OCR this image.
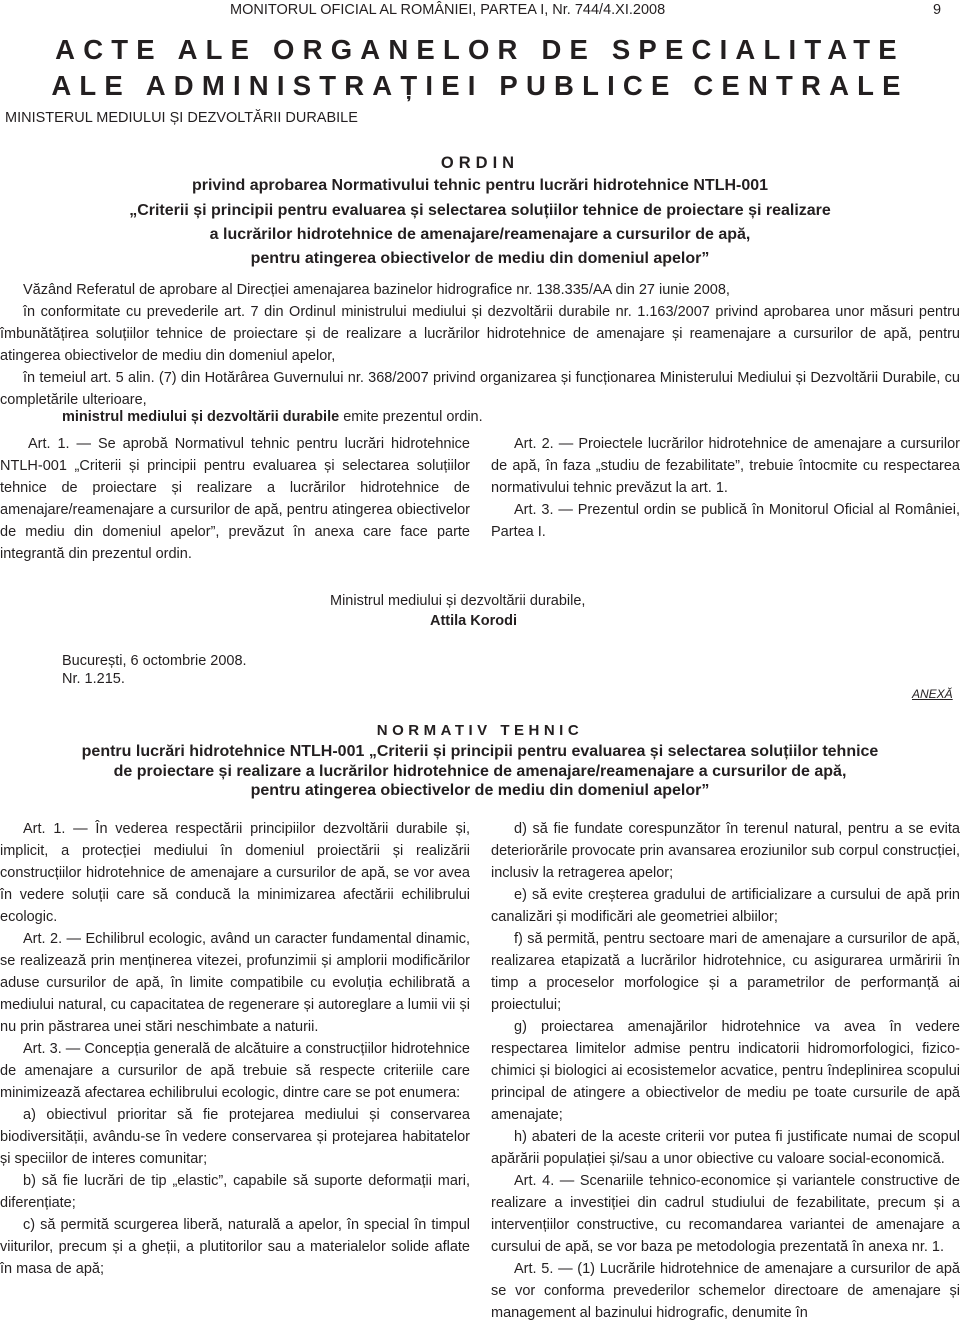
MONITORUL OFICIAL AL ROMÂNIEI, PARTEA I, Nr. 744/4.XI.2008	9
ACTE ALE ORGANELOR DE SPECIALITATE
ALE ADMINISTRAȚIEI PUBLICE CENTRALE
MINISTERUL MEDIULUI ȘI DEZVOLTĂRII DURABILE
ORDIN
privind aprobarea Normativului tehnic pentru lucrări hidrotehnice NTLH-001
„Criterii și principii pentru evaluarea și selectarea soluțiilor tehnice de proiectare și realizare
a lucrărilor hidrotehnice de amenajare/reamenajare a cursurilor de apă,
pentru atingerea obiectivelor de mediu din domeniul apelor”

Văzând Referatul de aprobare al Direcției amenajarea bazinelor hidrografice nr. 138.335/AA din 27 iunie 2008,

în conformitate cu prevederile art. 7 din Ordinul ministrului mediului și dezvoltării durabile nr. 1.163/2007 privind aprobarea unor măsuri pentru îmbunătățirea soluțiilor tehnice de proiectare și de realizare a lucrărilor hidrotehnice de amenajare și reamenajare a cursurilor de apă, pentru atingerea obiectivelor de mediu din domeniul apelor,

în temeiul art. 5 alin. (7) din Hotărârea Guvernului nr. 368/2007 privind organizarea și funcționarea Ministerului Mediului și Dezvoltării Durabile, cu completările ulterioare,

ministrul mediului și dezvoltării durabile emite prezentul ordin.

Art. 1. — Se aprobă Normativul tehnic pentru lucrări hidrotehnice NTLH-001 „Criterii și principii pentru evaluarea și selectarea soluțiilor tehnice de proiectare și realizare a lucrărilor hidrotehnice de amenajare/reamenajare a cursurilor de apă, pentru atingerea obiectivelor de mediu din domeniul apelor”, prevăzut în anexa care face parte integrantă din prezentul ordin.

Art. 2. — Proiectele lucrărilor hidrotehnice de amenajare a cursurilor de apă, în faza „studiu de fezabilitate”, trebuie întocmite cu respectarea normativului tehnic prevăzut la art. 1.

Art. 3. — Prezentul ordin se publică în Monitorul Oficial al României, Partea I.

Ministrul mediului și dezvoltării durabile,
Attila Korodi
București, 6 octombrie 2008.
Nr. 1.215.
ANEXĂ
NORMATIV TEHNIC
pentru lucrări hidrotehnice NTLH-001 „Criterii și principii pentru evaluarea și selectarea soluțiilor tehnice
de proiectare și realizare a lucrărilor hidrotehnice de amenajare/reamenajare a cursurilor de apă,
pentru atingerea obiectivelor de mediu din domeniul apelor”

Art. 1. — În vederea respectării principiilor dezvoltării durabile și, implicit, a protecției mediului în domeniul proiectării și realizării construcțiilor hidrotehnice de amenajare a cursurilor de apă, se vor avea în vedere soluții care să conducă la minimizarea afectării echilibrului ecologic.

Art. 2. — Echilibrul ecologic, având un caracter fundamental dinamic, se realizează prin menținerea vitezei, profunzimii și amplorii modificărilor aduse cursurilor de apă, în limite compatibile cu evoluția echilibrată a mediului natural, cu capacitatea de regenerare și autoreglare a lumii vii și nu prin păstrarea unei stări neschimbate a naturii.

Art. 3. — Concepția generală de alcătuire a construcțiilor hidrotehnice de amenajare a cursurilor de apă trebuie să respecte criteriile care minimizează afectarea echilibrului ecologic, dintre care se pot enumera:

a) obiectivul prioritar să fie protejarea mediului și conservarea biodiversității, avându-se în vedere conservarea și protejarea habitatelor și speciilor de interes comunitar;

b) să fie lucrări de tip „elastic”, capabile să suporte deformații mari, diferențiate;

c) să permită scurgerea liberă, naturală a apelor, în special în timpul viiturilor, precum și a ghețiі, a plutitorilor sau a materialelor solide aflate în masa de apă;

d) să fie fundate corespunzător în terenul natural, pentru a se evita deteriorările provocate prin avansarea eroziunilor sub corpul construcției, inclusiv la retragerea apelor;

e) să evite creșterea gradului de artificializare a cursului de apă prin canalizări și modificări ale geometriei albiilor;

f) să permită, pentru sectoare mari de amenajare a cursurilor de apă, realizarea etapizată a lucrărilor hidrotehnice, cu asigurarea urmăririi în timp a proceselor morfologice și a parametrilor de performanță ai proiectului;

g) proiectarea amenajărilor hidrotehnice va avea în vedere respectarea limitelor admise pentru indicatorii hidromorfologici, fizico-chimici și biologici ai ecosistemelor acvatice, pentru îndeplinirea scopului principal de atingere a obiectivelor de mediu pe toate cursurile de apă amenajate;

h) abaterі de la aceste criterii vor putea fi justificate numai de scopul apărării populației și/sau a unor obiective cu valoare social-economică.

Art. 4. — Scenariile tehnico-economice și variantele constructive de realizare a investiției din cadrul studiului de fezabilitate, precum și a intervențiilor constructive, cu recomandarea variantei de amenajare a cursului de apă, se vor baza pe metodologia prezentată în anexa nr. 1.

Art. 5. — (1) Lucrările hidrotehnice de amenajare a cursurilor de apă se vor conforma prevederilor schemelor directoare de amenajare și management al bazinului hidrografic, denumite în
